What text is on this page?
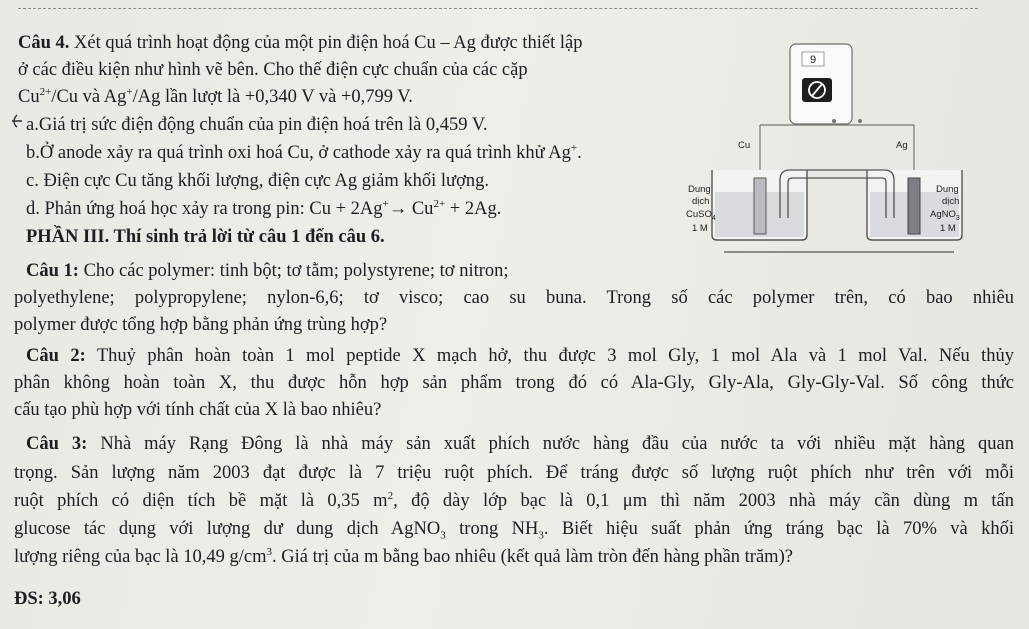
Câu 4. Xét quá trình hoạt động của một pin điện hoá Cu – Ag được thiết lập
ở các điều kiện như hình vẽ bên. Cho thế điện cực chuẩn của các cặp
$Cu^{2+}/Cu$ và Ag+/Ag lần lượt là +0,340 V và +0,799 V.
a.Giá trị sức điện động chuẩn của pin điện hoá trên là 0,459 V.
b.Ở anode xảy ra quá trình oxi hoá Cu, ở cathode xảy ra quá trình khử Ag+.
c. Điện cực Cu tăng khối lượng, điện cực Ag giảm khối lượng.
d. Phản ứng hoá học xảy ra trong pin: $Cu + 2Ag^+\to Cu^{2+} + 2Ag$.
PHẦN III. Thí sinh trả lời từ câu 1 đến câu 6.
9
Cu	Ag
Dung
dịch
CuSO$_4$
1 M
Dung
dịch
AgNO$_3$
1 M
Câu 1: Cho các polymer: tinh bột; tơ tằm; polystyrene; tơ nitron;
polyethylene; polypropylene; nylon-6,6; tơ visco; cao su buna. Trong số các polymer trên, có bao nhiêu
polymer được tổng hợp bằng phản ứng trùng hợp?
Câu 2: Thuỷ phân hoàn toàn 1 mol peptide X mạch hở, thu được 3 mol Gly, 1 mol Ala và 1 mol Val. Nếu thủy
phân không hoàn toàn X, thu được hỗn hợp sản phẩm trong đó có Ala-Gly, Gly-Ala, Gly-Gly-Val. Số công thức
cấu tạo phù hợp với tính chất của X là bao nhiêu?
Câu 3: Nhà máy Rạng Đông là nhà máy sản xuất phích nước hàng đầu của nước ta với nhiều mặt hàng quan
trọng. Sản lượng năm 2003 đạt được là 7 triệu ruột phích. Để tráng được số lượng ruột phích như trên với mỗi
ruột phích có diện tích bề mặt là 0,35 $m^2$, độ dày lớp bạc là 0,1 μm thì năm 2003 nhà máy cần dùng m tấn
glucose tác dụng với lượng dư dung dịch AgNO$_3$ trong $NH_3$. Biết hiệu suất phản ứng tráng bạc là 70% và khối
lượng riêng của bạc là 10,49 $g/cm^3$. Giá trị của m bằng bao nhiêu (kết quả làm tròn đến hàng phần trăm)?
ĐS: 3,06
